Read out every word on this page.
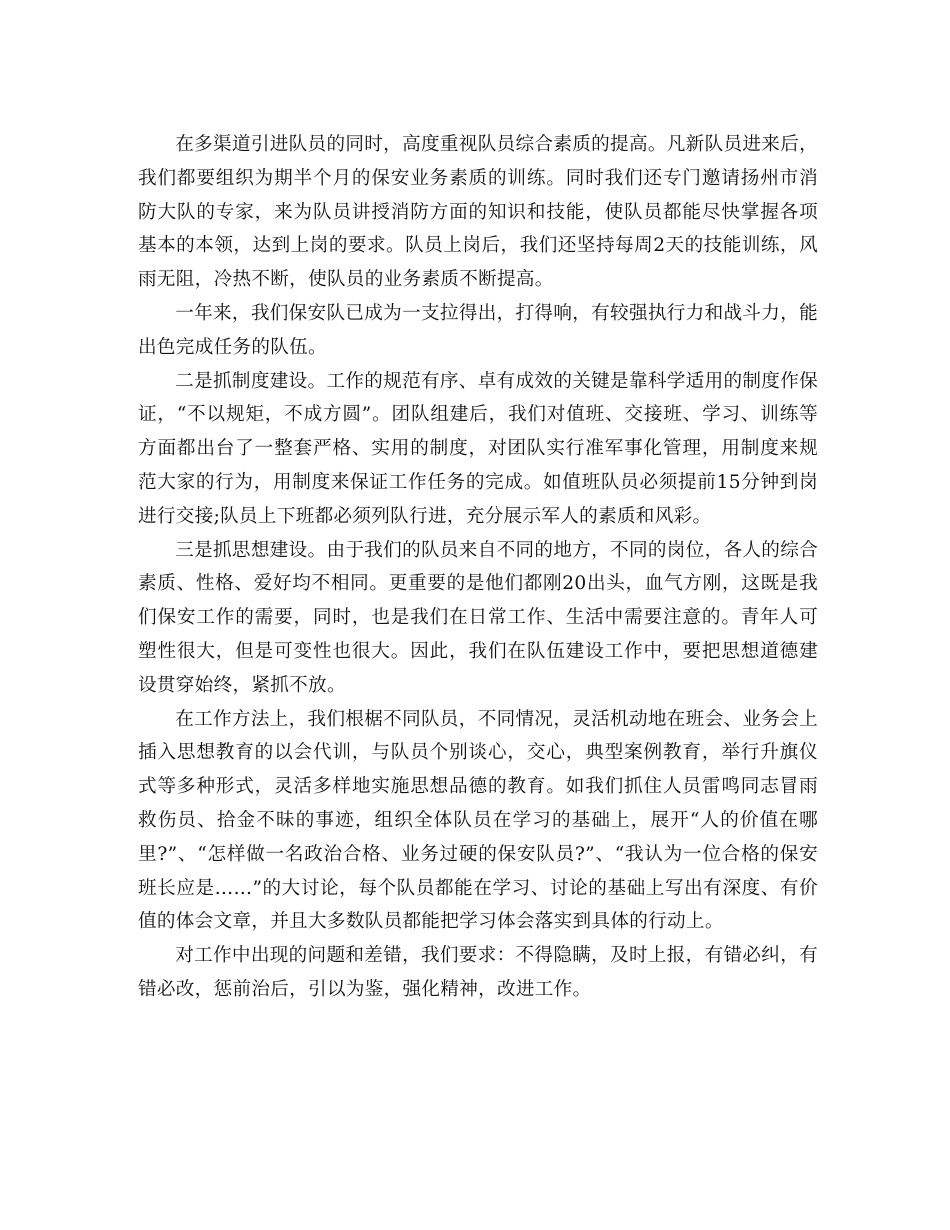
在多渠道引进队员的同时，高度重视队员综合素质的提高。凡新队员进来后，我们都要组织为期半个月的保安业务素质的训练。同时我们还专门邀请扬州市消防大队的专家，来为队员讲授消防方面的知识和技能，使队员都能尽快掌握各项基本的本领，达到上岗的要求。队员上岗后，我们还坚持每周2天的技能训练，风雨无阻，冷热不断，使队员的业务素质不断提高。

一年来，我们保安队已成为一支拉得出，打得响，有较强执行力和战斗力，能出色完成任务的队伍。

二是抓制度建设。工作的规范有序、卓有成效的关键是靠科学适用的制度作保证，“不以规矩，不成方圆”。团队组建后，我们对值班、交接班、学习、训练等方面都出台了一整套严格、实用的制度，对团队实行准军事化管理，用制度来规范大家的行为，用制度来保证工作任务的完成。如值班队员必须提前15分钟到岗进行交接;队员上下班都必须列队行进，充分展示军人的素质和风彩。

三是抓思想建设。由于我们的队员来自不同的地方，不同的岗位，各人的综合素质、性格、爱好均不相同。更重要的是他们都刚20出头，血气方刚，这既是我们保安工作的需要，同时，也是我们在日常工作、生活中需要注意的。青年人可塑性很大，但是可变性也很大。因此，我们在队伍建设工作中，要把思想道德建设贯穿始终，紧抓不放。

在工作方法上，我们根椐不同队员，不同情况，灵活机动地在班会、业务会上插入思想教育的以会代训，与队员个别谈心，交心，典型案例教育，举行升旗仪式等多种形式，灵活多样地实施思想品德的教育。如我们抓住人员雷鸣同志冒雨救伤员、拾金不昧的事迹，组织全体队员在学习的基础上，展开“人的价值在哪里?”、“怎样做一名政治合格、业务过硬的保安队员?”、“我认为一位合格的保安班长应是……”的大讨论，每个队员都能在学习、讨论的基础上写出有深度、有价值的体会文章，并且大多数队员都能把学习体会落实到具体的行动上。

对工作中出现的问题和差错，我们要求：不得隐瞒，及时上报，有错必纠，有错必改，惩前治后，引以为鉴，强化精神，改进工作。
